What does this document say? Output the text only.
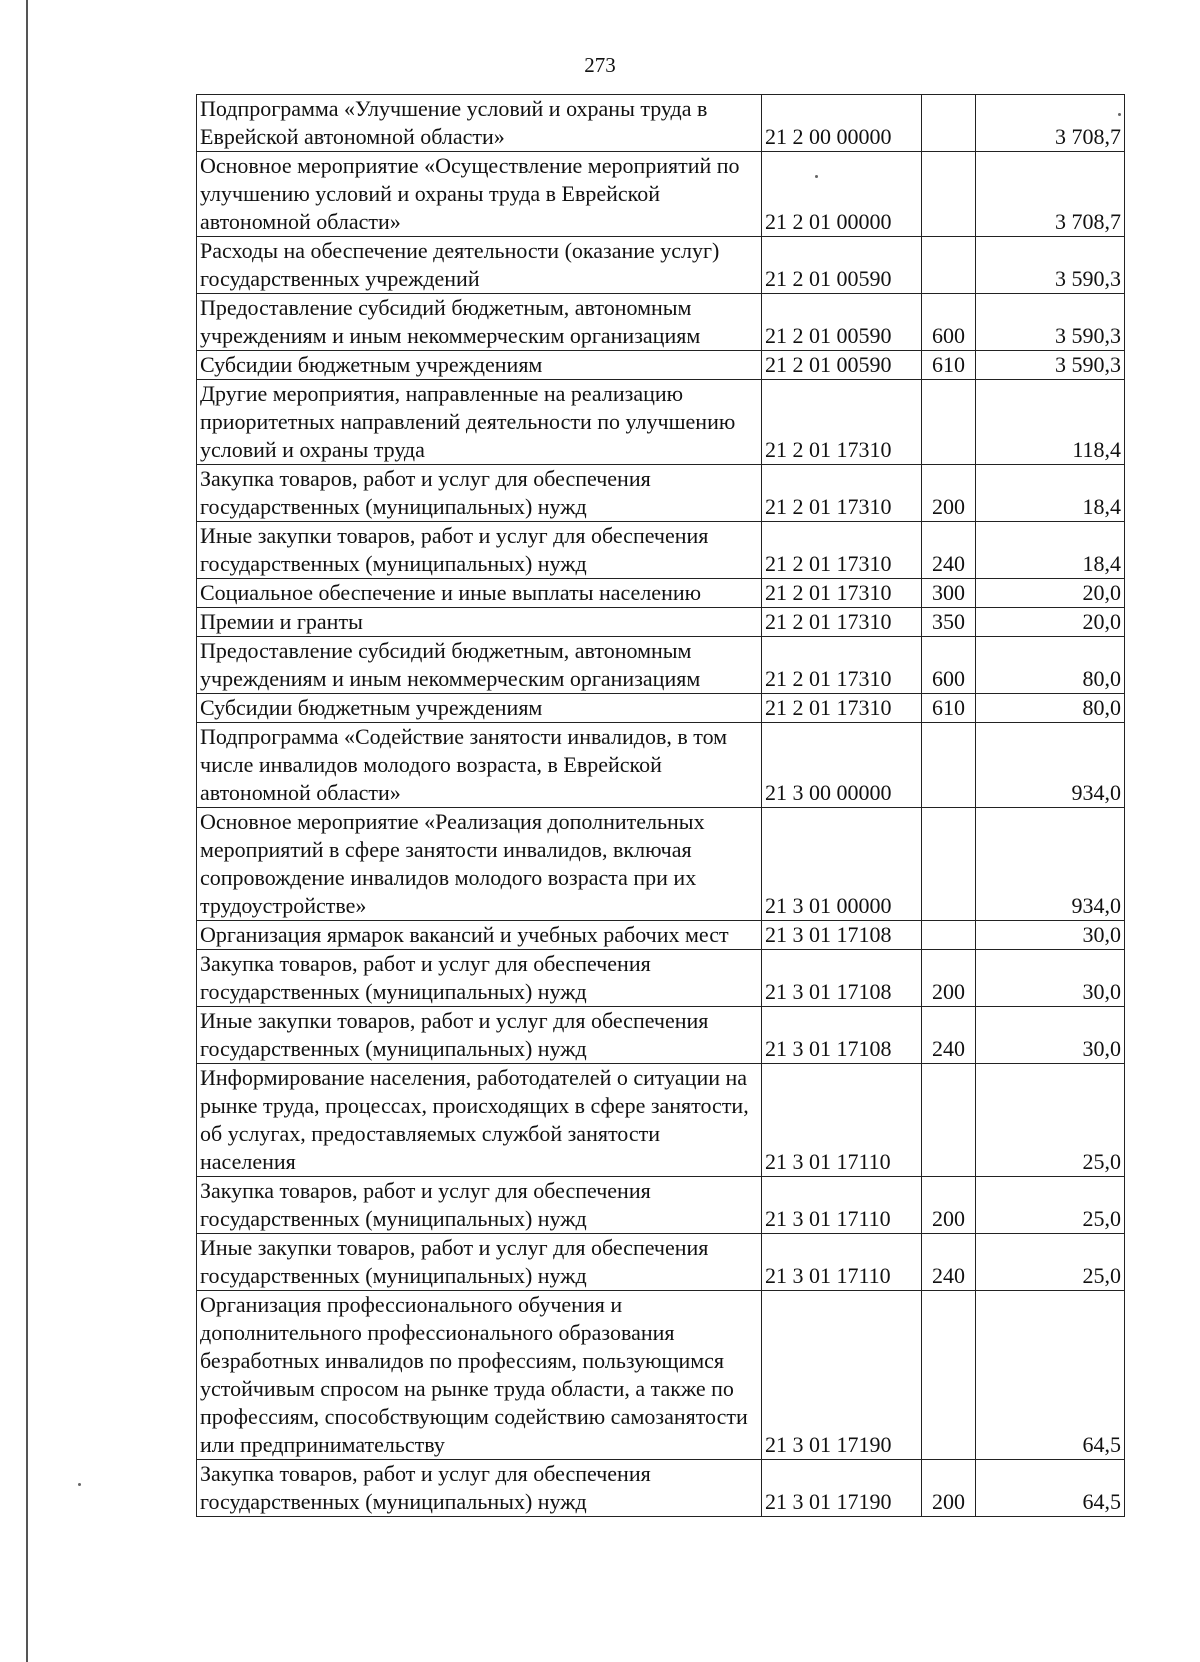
273
Подпрограмма «Улучшение условий и охраны труда в Еврейской автономной области»	21 2 00 00000		3 708,7
Основное мероприятие «Осуществление мероприятий по улучшению условий и охраны труда в Еврейской автономной области»	21 2 01 00000		3 708,7
Расходы на обеспечение деятельности (оказание услуг) государственных учреждений	21 2 01 00590		3 590,3
Предоставление субсидий бюджетным, автономным учреждениям и иным некоммерческим организациям	21 2 01 00590	600	3 590,3
Субсидии бюджетным учреждениям	21 2 01 00590	610	3 590,3
Другие мероприятия, направленные на реализацию приоритетных направлений деятельности по улучшению условий и охраны труда	21 2 01 17310		118,4
Закупка товаров, работ и услуг для обеспечения государственных (муниципальных) нужд	21 2 01 17310	200	18,4
Иные закупки товаров, работ и услуг для обеспечения государственных (муниципальных) нужд	21 2 01 17310	240	18,4
Социальное обеспечение и иные выплаты населению	21 2 01 17310	300	20,0
Премии и гранты	21 2 01 17310	350	20,0
Предоставление субсидий бюджетным, автономным учреждениям и иным некоммерческим организациям	21 2 01 17310	600	80,0
Субсидии бюджетным учреждениям	21 2 01 17310	610	80,0
Подпрограмма «Содействие занятости инвалидов, в том числе инвалидов молодого возраста, в Еврейской автономной области»	21 3 00 00000		934,0
Основное мероприятие «Реализация дополнительных мероприятий в сфере занятости инвалидов, включая сопровождение инвалидов молодого возраста при их трудоустройстве»	21 3 01 00000		934,0
Организация ярмарок вакансий и учебных рабочих мест	21 3 01 17108		30,0
Закупка товаров, работ и услуг для обеспечения государственных (муниципальных) нужд	21 3 01 17108	200	30,0
Иные закупки товаров, работ и услуг для обеспечения государственных (муниципальных) нужд	21 3 01 17108	240	30,0
Информирование населения, работодателей о ситуации на рынке труда, процессах, происходящих в сфере занятости, об услугах, предоставляемых службой занятости населения	21 3 01 17110		25,0
Закупка товаров, работ и услуг для обеспечения государственных (муниципальных) нужд	21 3 01 17110	200	25,0
Иные закупки товаров, работ и услуг для обеспечения государственных (муниципальных) нужд	21 3 01 17110	240	25,0
Организация профессионального обучения и дополнительного профессионального образования безработных инвалидов по профессиям, пользующимся устойчивым спросом на рынке труда области, а также по профессиям, способствующим содействию самозанятости или предпринимательству	21 3 01 17190		64,5
Закупка товаров, работ и услуг для обеспечения государственных (муниципальных) нужд	21 3 01 17190	200	64,5
